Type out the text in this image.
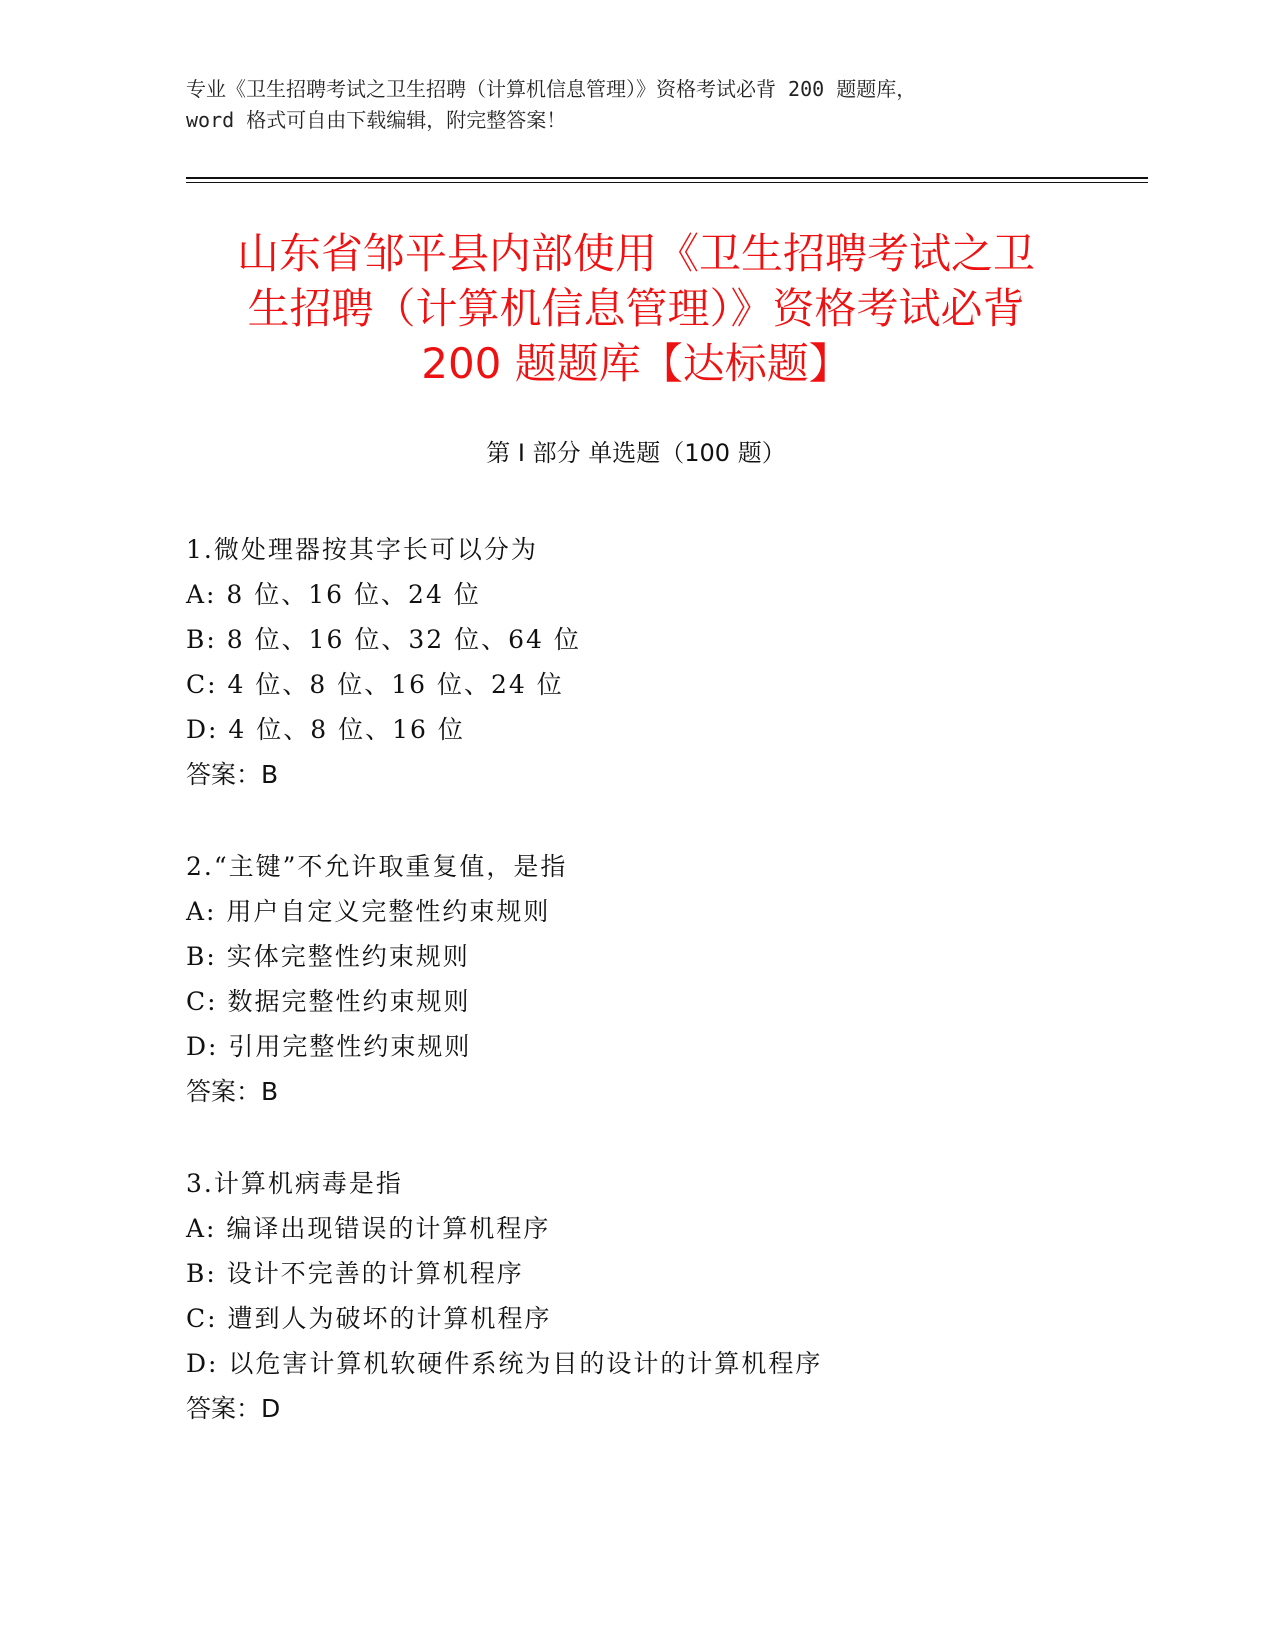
专业《卫生招聘考试之卫生招聘（计算机信息管理）》资格考试必背 200 题题库，
word 格式可自由下载编辑，附完整答案！
山东省邹平县内部使用《卫生招聘考试之卫
生招聘（计算机信息管理）》资格考试必背
200 题题库【达标题】
第 I 部分 单选题（100 题）
1.微处理器按其字长可以分为
A: 8 位、16 位、24 位
B: 8 位、16 位、32 位、64 位
C: 4 位、8 位、16 位、24 位
D: 4 位、8 位、16 位
答案：B
2.“主键”不允许取重复值，是指
A: 用户自定义完整性约束规则
B: 实体完整性约束规则
C: 数据完整性约束规则
D: 引用完整性约束规则
答案：B
3.计算机病毒是指
A: 编译出现错误的计算机程序
B: 设计不完善的计算机程序
C: 遭到人为破坏的计算机程序
D: 以危害计算机软硬件系统为目的设计的计算机程序
答案：D
